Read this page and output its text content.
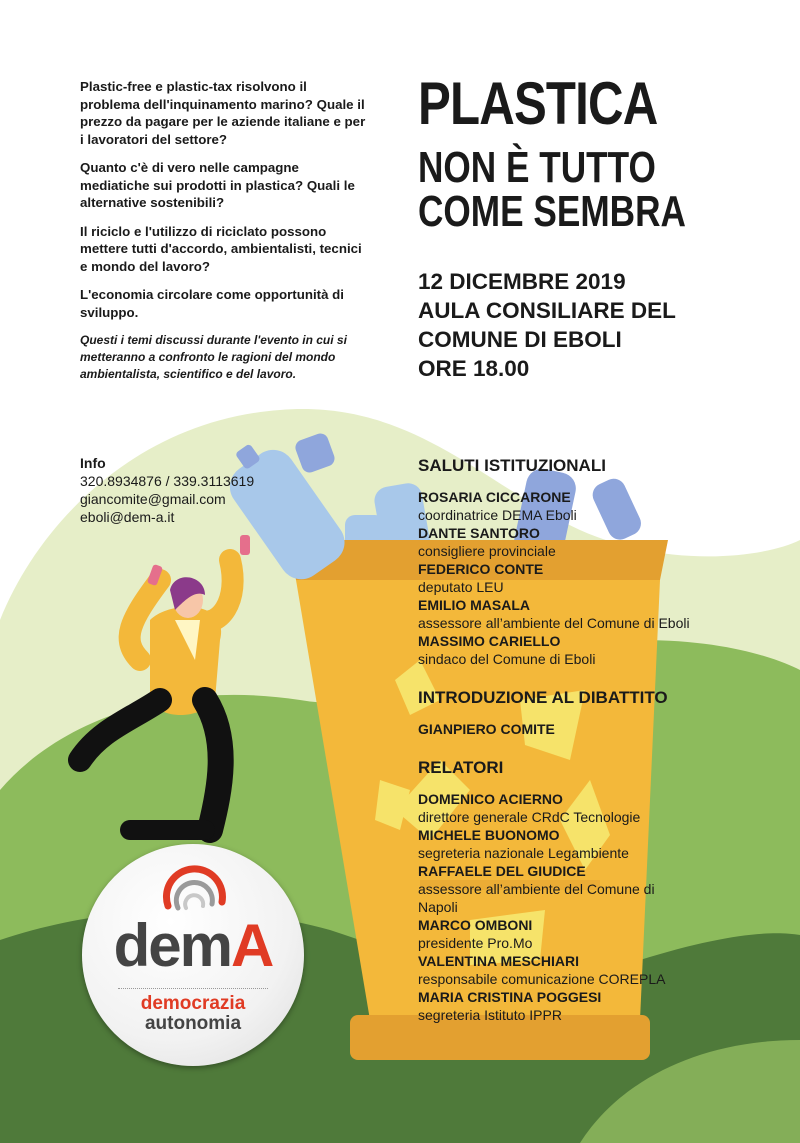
Plastic-free e plastic-tax risolvono il problema dell'inquinamento marino? Quale il prezzo da pagare per le aziende italiane e per i lavoratori del settore?

Quanto c'è di vero nelle campagne mediatiche sui prodotti in plastica? Quali le alternative sostenibili?

Il riciclo e l'utilizzo di riciclato possono mettere tutti d'accordo, ambientalisti, tecnici e mondo del lavoro?

L'economia circolare come opportunità di sviluppo.

Questi i temi discussi durante l'evento in cui si metteranno a confronto le ragioni del mondo ambientalista, scientifico e del lavoro.

PLASTICA
NON È TUTTO
COME SEMBRA
12 DICEMBRE 2019
AULA CONSILIARE DEL
COMUNE DI EBOLI
ORE 18.00
Info
320.8934876 / 339.3113619
giancomite@gmail.com
eboli@dem-a.it
SALUTI ISTITUZIONALI
ROSARIA CICCARONE
coordinatrice DEMA Eboli
DANTE SANTORO
consigliere provinciale
FEDERICO CONTE
deputato LEU
EMILIO MASALA
assessore all’ambiente del Comune di Eboli
MASSIMO CARIELLO
sindaco del Comune di Eboli
INTRODUZIONE AL DIBATTITO
GIANPIERO COMITE
RELATORI
DOMENICO ACIERNO
direttore generale CRdC Tecnologie
MICHELE BUONOMO
segreteria nazionale Legambiente
RAFFAELE DEL GIUDICE
assessore all’ambiente del Comune di Napoli
MARCO OMBONI
presidente Pro.Mo
VALENTINA MESCHIARI
responsabile comunicazione COREPLA
MARIA CRISTINA POGGESI
segreteria Istituto IPPR
demA
democrazia
autonomia
